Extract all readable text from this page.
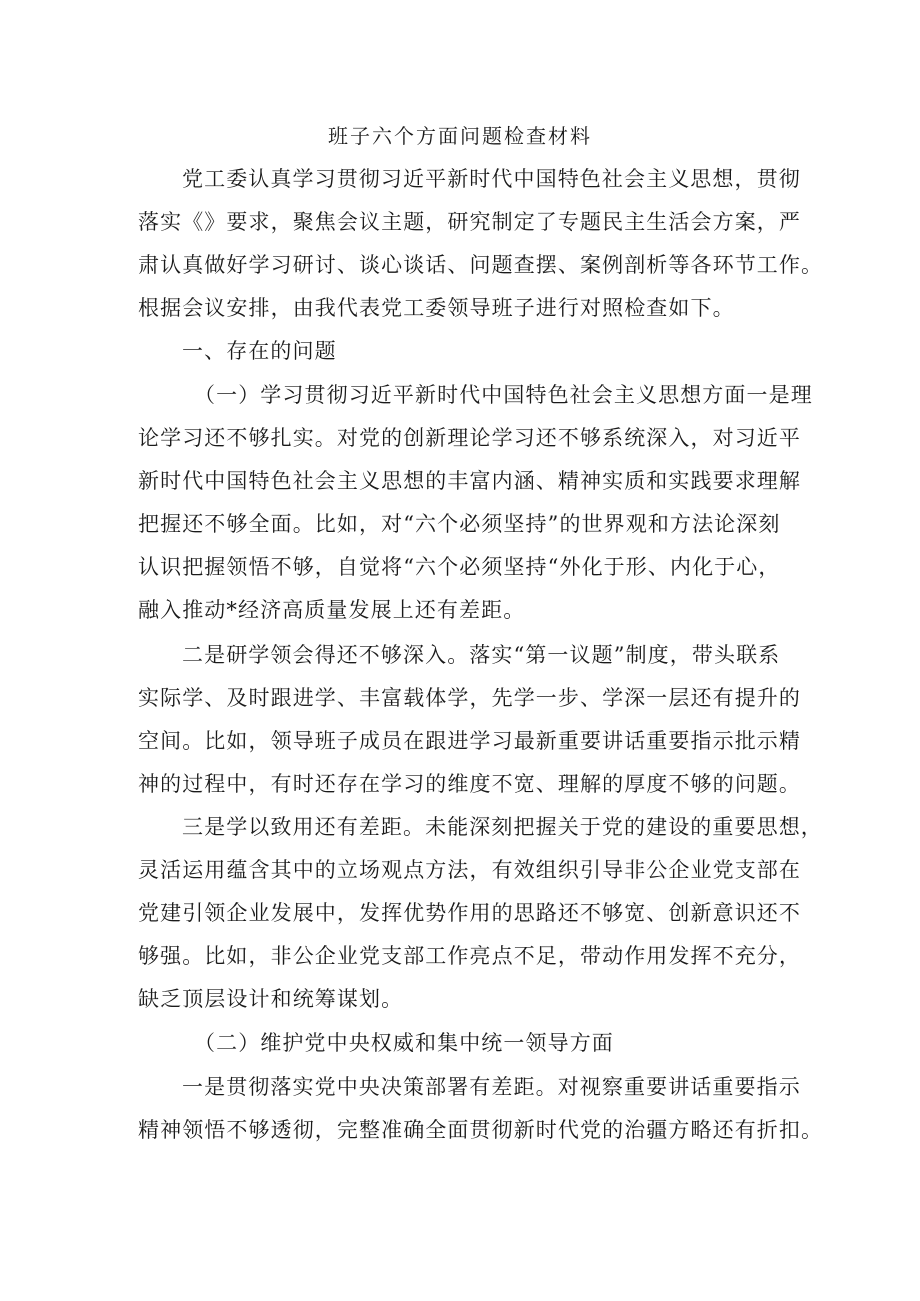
班子六个方面问题检查材料

党工委认真学习贯彻习近平新时代中国特色社会主义思想，贯彻
落实《》要求，聚焦会议主题，研究制定了专题民主生活会方案，严
肃认真做好学习研讨、谈心谈话、问题查摆、案例剖析等各环节工作。
根据会议安排，由我代表党工委领导班子进行对照检查如下。

一、存在的问题

（一）学习贯彻习近平新时代中国特色社会主义思想方面一是理
论学习还不够扎实。对党的创新理论学习还不够系统深入，对习近平
新时代中国特色社会主义思想的丰富内涵、精神实质和实践要求理解
把握还不够全面。比如，对“六个必须坚持”的世界观和方法论深刻
认识把握领悟不够，自觉将“六个必须坚持“外化于形、内化于心，
融入推动*经济高质量发展上还有差距。

二是研学领会得还不够深入。落实“第一议题”制度，带头联系
实际学、及时跟进学、丰富载体学，先学一步、学深一层还有提升的
空间。比如，领导班子成员在跟进学习最新重要讲话重要指示批示精
神的过程中，有时还存在学习的维度不宽、理解的厚度不够的问题。

三是学以致用还有差距。未能深刻把握关于党的建设的重要思想，
灵活运用蕴含其中的立场观点方法，有效组织引导非公企业党支部在
党建引领企业发展中，发挥优势作用的思路还不够宽、创新意识还不
够强。比如，非公企业党支部工作亮点不足，带动作用发挥不充分，
缺乏顶层设计和统筹谋划。

（二）维护党中央权威和集中统一领导方面

一是贯彻落实党中央决策部署有差距。对视察重要讲话重要指示
精神领悟不够透彻，完整准确全面贯彻新时代党的治疆方略还有折扣。
